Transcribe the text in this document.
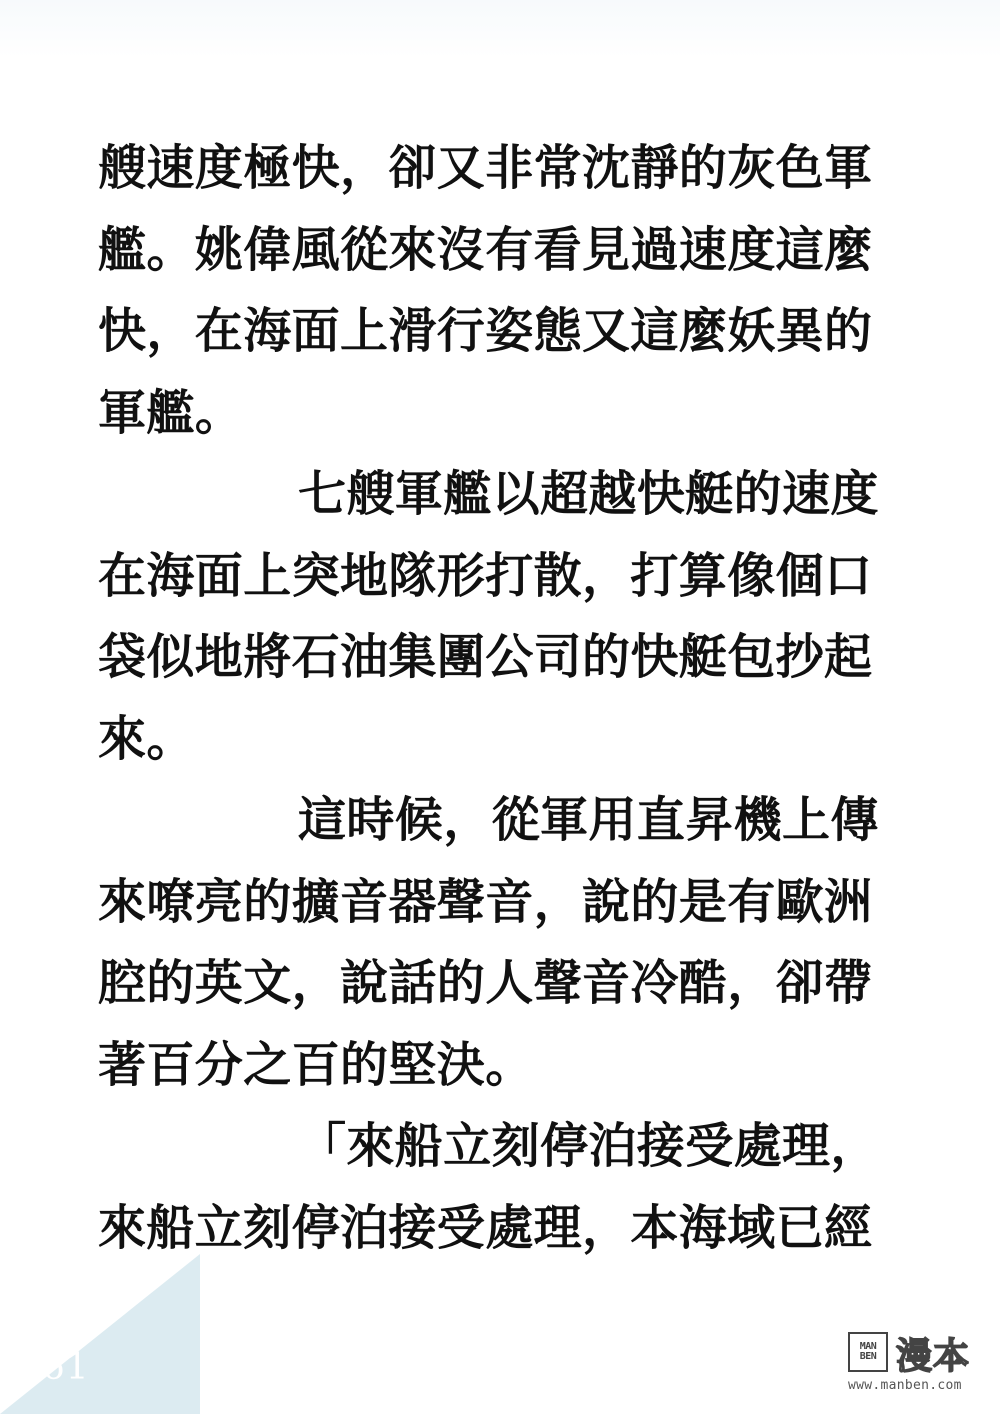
艘速度極快，卻又非常沈靜的灰色軍
艦。姚偉風從來沒有看見過速度這麼
快，在海面上滑行姿態又這麼妖異的
軍艦。
七艘軍艦以超越快艇的速度
在海面上突地隊形打散，打算像個口
袋似地將石油集團公司的快艇包抄起
來。
這時候，從軍用直昇機上傳
來嘹亮的擴音器聲音，說的是有歐洲
腔的英文，說話的人聲音冷酷，卻帶
著百分之百的堅決。
「來船立刻停泊接受處理，
來船立刻停泊接受處理，本海域已經
261
MAN
BEN 漫本
www.manben.com
